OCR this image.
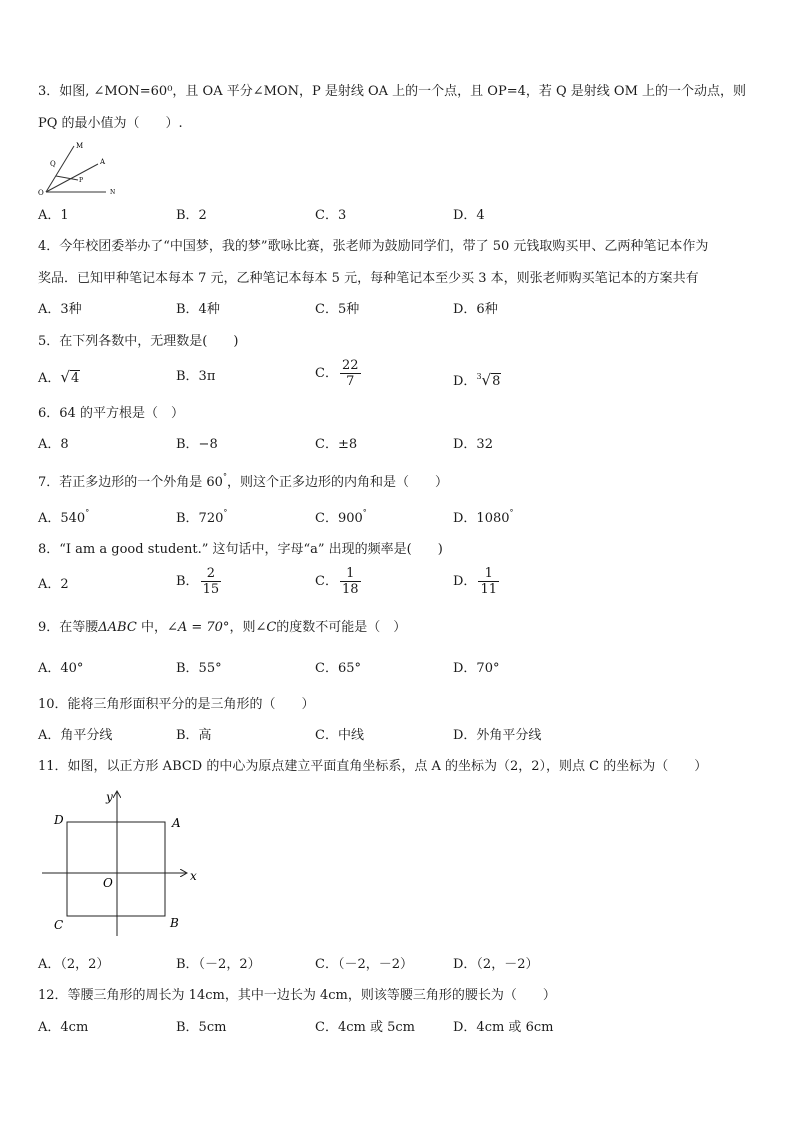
3．如图, ∠MON=60⁰，且 OA 平分∠MON，P 是射线 OA 上的一个点，且 OP=4，若 Q 是射线 OM 上的一个动点，则
PQ 的最小值为（　　）.
M
Q	A
P
O	N
A．1	B．2	C．3	D．4
4．今年校团委举办了“中国梦，我的梦”歌咏比赛，张老师为鼓励同学们，带了 50 元钱取购买甲、乙两种笔记本作为
奖品．已知甲种笔记本每本 7 元，乙种笔记本每本 5 元，每种笔记本至少买 3 本，则张老师购买笔记本的方案共有
A．3种	B．4种	C．5种	D．6种
5．在下列各数中，无理数是(　　)
A．√4	B．3π	C． $\frac{22}{7}$	D．$^3$√8
6．64 的平方根是（　）
A．8	B．−8	C．±8	D．32
7．若正多边形的一个外角是 60°，则这个正多边形的内角和是（　　）
A．540°	B．720°	C．900°	D．1080°
8．“I am a good student.” 这句话中，字母“a” 出现的频率是(　　)
A．2	B． $\frac{2}{15}$	C． $\frac{1}{18}$	D． $\frac{1}{11}$
9．在等腰ΔABC 中，∠A = 70°，则∠C的度数不可能是（　）
A．40°	B．55°	C．65°	D．70°
10．能将三角形面积平分的是三角形的（　　）
A．角平分线	B．高	C．中线	D．外角平分线
11．如图，以正方形 ABCD 的中心为原点建立平面直角坐标系，点 A 的坐标为（2，2），则点 C 的坐标为（　　）
D	A
C	B
O	x
y
A．（2，2）	B．（－2，2）	C．（－2，－2）	D．（2，－2）
12．等腰三角形的周长为 14cm，其中一边长为 4cm，则该等腰三角形的腰长为（　　）
A．4cm	B．5cm	C．4cm 或 5cm	D．4cm 或 6cm
